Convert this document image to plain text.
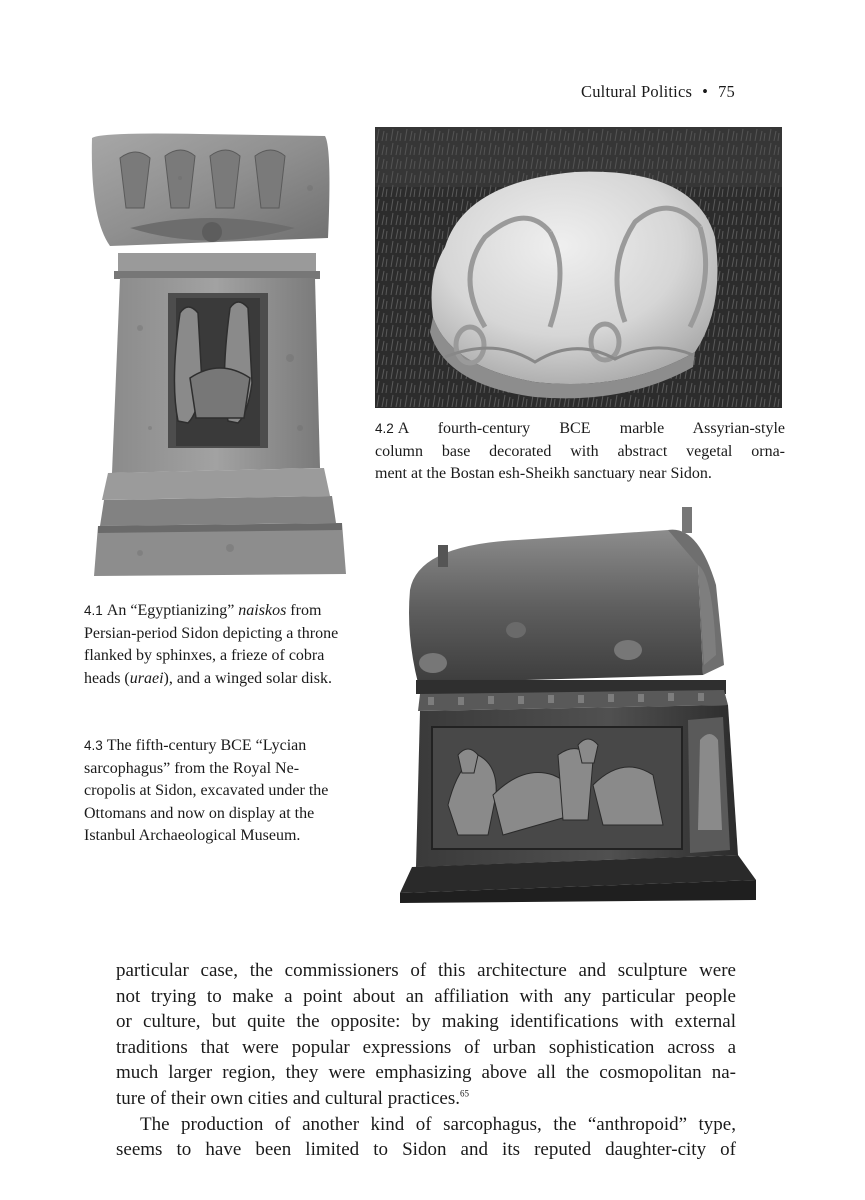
Cultural Politics • 75
4.2 A fourth-century BCE marble Assyrian-style
column base decorated with abstract vegetal orna-
ment at the Bostan esh-Sheikh sanctuary near Sidon.
4.1 An “Egyptianizing” naiskos from
Persian-period Sidon depicting a throne
flanked by sphinxes, a frieze of cobra
heads (uraei), and a winged solar disk.
4.3 The fifth-century BCE “Lycian
sarcophagus” from the Royal Ne-
cropolis at Sidon, excavated under the
Ottomans and now on display at the
Istanbul Archaeological Museum.

particular case, the commissioners of this architecture and sculpture were
not trying to make a point about an affiliation with any particular people
or culture, but quite the opposite: by making identifications with external
traditions that were popular expressions of urban sophistication across a
much larger region, they were emphasizing above all the cosmopolitan na-
ture of their own cities and cultural practices.$^{65}$

The production of another kind of sarcophagus, the “anthropoid” type,
seems to have been limited to Sidon and its reputed daughter-city of
